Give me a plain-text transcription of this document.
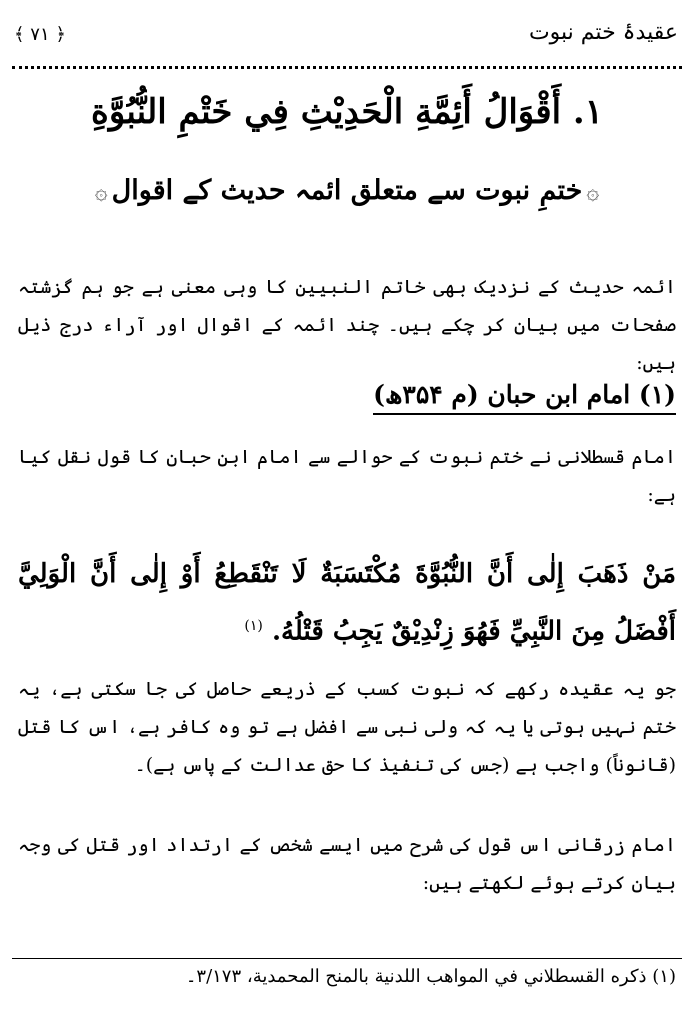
عقیدۂ ختم نبوت
﴿ ۷۱ ﴾
١. أَقْوَالُ أَئِمَّةِ الْحَدِيْثِ فِي خَتْمِ النُّبُوَّةِ
۞ختمِ نبوت سے متعلق ائمہ حدیث کے اقوال۞
ائمہ حدیث کے نزدیک بھی خاتم النبیین کا وہی معنی ہے جو ہم گزشتہ صفحات میں بیان کر چکے ہیں۔ چند ائمہ کے اقوال اور آراء درج ذیل ہیں:
(۱) امام ابن حبان (م ۳۵۴ھ)
امام قسطلانی نے ختم نبوت کے حوالے سے امام ابن حبان کا قول نقل کیا ہے:
مَنْ ذَهَبَ إِلٰی أَنَّ النُّبُوَّةَ مُكْتَسَبَةٌ لَا تَنْقَطِعُ أَوْ إِلٰی أَنَّ الْوَلِيَّ أَفْضَلُ مِنَ النَّبِيِّ فَهُوَ زِنْدِيْقٌ يَجِبُ قَتْلُهُ. $^{(١)}$
جو یہ عقیدہ رکھے کہ نبوت کسب کے ذریعے حاصل کی جا سکتی ہے، یہ ختم نہیں ہوتی یا یہ کہ ولی نبی سے افضل ہے تو وہ کافر ہے، اس کا قتل (قانوناً) واجب ہے (جس کی تنفیذ کا حق عدالت کے پاس ہے)۔
امام زرقانی اس قول کی شرح میں ایسے شخص کے ارتداد اور قتل کی وجہ بیان کرتے ہوئے لکھتے ہیں:
(١) ذكره القسطلاني في المواهب اللدنية بالمنح المحمدية، ٣/١٧٣۔
